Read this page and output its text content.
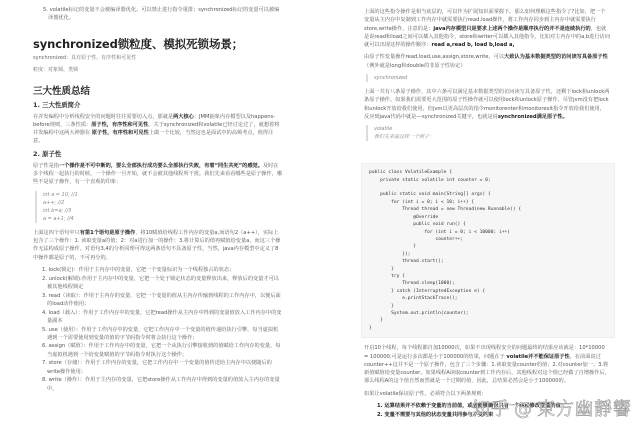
5. volatile标记的变量不会被编译器优化。可以禁止进行指令重排；synchronized标记的变量可以被编译器优化。
synchronized锁粒度、模拟死锁场景；
synchronized：具有原子性、有序性和可见性
粒度：对象锁、类锁
三大性质总结
1. 三大性质简介
在并发编程中分析线程安全的问题时往往需要切入点，那就是两大核心：JMM抽象内存模型以及happens-before规则，三条性质：原子性，有序性和可见性。关于synchronized和volatile已经讨论过了，就想着将并发编程中这两大神器在 原子性，有序性和可见性上做一个比较，当然这也是面试中的高频考点，值得注意。
2. 原子性
原子性是指一个操作是不可中断的，要么全部执行成功要么全部执行失败，有着“同生共死”的感觉。及时在多个线程一起执行的时候，一个操作一旦开始，就不会被其他线程所干扰。我们先来看看哪些是原子操作，哪些不是原子操作，有一个直观的印象：
int a = 10; //1
a++; //2
int b=a; //3
a = a+1; //4
上面这四个语句中只有第1个语句是原子操作，将10赋值给线程工作内存的变量a,而语句2（a++），实际上包含了三个操作：1. 读取变量a的值；2：对a进行加一的操作；3.将计算后的值再赋值给变量a，而这三个操作无法构成原子操作。对语句3,4的分析同理可得这两条语句不具备原子性。当然，java内存模型中定义了8中操作都是原子的，不可再分的。
1. lock(锁定)：作用于主内存中的变量，它把一个变量标识为一个线程独占的状态；
2. unlock(解锁):作用于主内存中的变量，它把一个处于锁定状态的变量释放出来，释放后的变量才可以被其他线程锁定
3. read（读取）：作用于主内存的变量，它把一个变量的值从主内存传输到线程的工作内存中，以便后面的load动作使用；
4. load（载入）：作用于工作内存中的变量，它把read操作从主内存中得到的变量值放入工作内存中的变量副本
5. use（使用）：作用于工作内存中的变量，它把工作内存中一个变量的值传递给执行引擎，每当虚拟机遇到一个需要使用到变量的值的字节码指令时将会执行这个操作；
6. assign（赋值）：作用于工作内存中的变量，它把一个从执行引擎接收到的值赋给工作内存的变量，每当虚拟机遇到一个给变量赋值的字节码指令时执行这个操作；
7. store（存储）：作用于工作内存的变量，它把工作内存中一个变量的值传送给主内存中以便随后的write操作使用；
8. write（操作）：作用于主内存的变量，它把store操作从工作内存中得到的变量的值放入主内存的变量中。
上面的这些指令操作是相当底层的，可以作为扩展知识面掌握下。那么如何理解这些指令了?比如，把一个变量从主内存中复制到工作内存中就需要执行read,load操作，将工作内存同步到主内存中就需要执行store,write操作。注意的是：java内存模型只是要求上述两个操作是顺序执行的并不是连续执行的，也就是说read和load之间可以插入其他指令，store和writer可以插入其他指令。比如对主内存中的a,b进行访问就可以出现这样的操作顺序：read a,read b, load b,load a,
由原子性变量操作read,load,use,assign,store,write，可以大致认为基本数据类型的访问读写具备原子性（例外就是long和double的非原子性协定）
synchronized
上面一共有八条原子操作，其中六条可以满足基本数据类型的访问读写具备原子性，还剩下lock和unlock两条原子操作。如果我们需要更大范围的原子性操作就可以使用lock和unlock原子操作。尽管jvm没有把lock和unlock开放给我们使用，但jvm以更高层次的指令monitorenter和monitorexit指令开放给我们使用，反应到java代码中就是---synchronized关键字，也就是说synchronized满足原子性。
volatile
我们先来看这样一个例子：
public class VolatileExample {
private static volatile int counter = 0;

public static void main(String[] args) {
for (int i = 0; i < 10; i++) {
Thread thread = new Thread(new Runnable() {
@Override
public void run() {
for (int i = 0; i < 10000; i++)
counter++;
}
});
thread.start();
}
try {
Thread.sleep(1000);
} catch (InterruptedException e) {
e.printStackTrace();
}
System.out.println(counter);
}
}
开启10个线程，每个线程都自加10000次，如果不出现线程安全的问题最终的结果应该就是：10*10000 = 100000;可是运行多次都是小于100000的结果，问题在于 volatile并不能保证原子性，在前面说过counter++这并不是一个原子操作，包含了三个步骤：1.读取变量counter的值；2.对counter加一；3.将新值赋值给变量counter。如果线程A读取counter到工作内存后，其他线程对这个值已经做了自增操作后，那么线程A的这个值自然而然就是一个过期的值，因此，总结果必然会是小于100000的。
如果让volatile保证原子性，必须符合以下两条规则：
1. 运算结果并不依赖于变量的当前值，或者能够确保只有一个线程修改变量的值；
2. 变量不需要与其他的状态变量共同参与不变约束
知乎 @ 東方幽靜響
